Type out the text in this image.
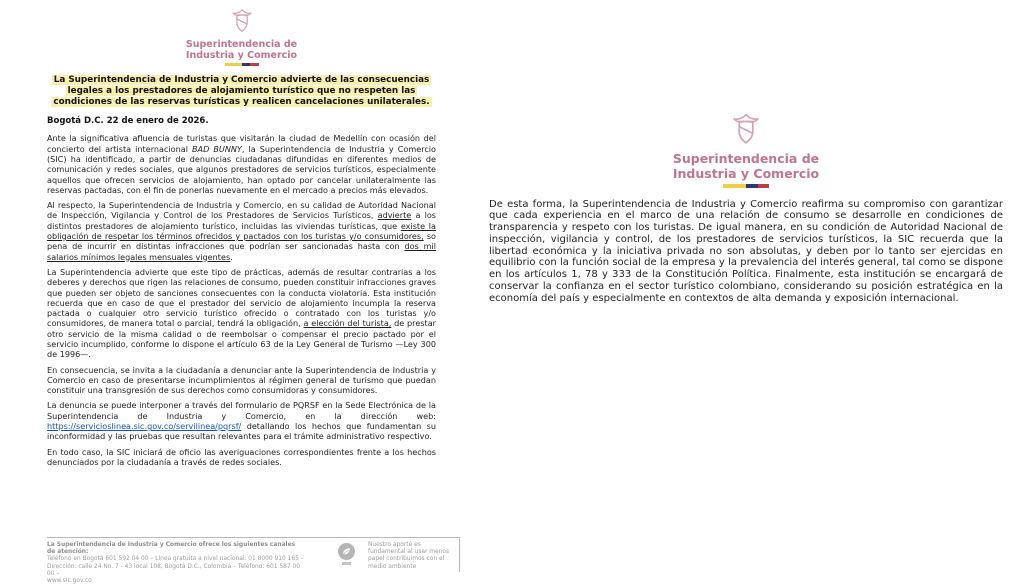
Superintendencia de
Industria y Comercio
La Superintendencia de Industria y Comercio advierte de las consecuencias legales a los prestadores de alojamiento turístico que no respeten las condiciones de las reservas turísticas y realicen cancelaciones unilaterales.
Bogotá D.C. 22 de enero de 2026.

Ante la significativa afluencia de turistas que visitarán la ciudad de Medellín con ocasión del concierto del artista internacional BAD BUNNY, la Superintendencia de Industria y Comercio (SIC) ha identificado, a partir de denuncias ciudadanas difundidas en diferentes medios de comunicación y redes sociales, que algunos prestadores de servicios turísticos, especialmente aquellos que ofrecen servicios de alojamiento, han optado por cancelar unilateralmente las reservas pactadas, con el fin de ponerlas nuevamente en el mercado a precios más elevados.

Al respecto, la Superintendencia de Industria y Comercio, en su calidad de Autoridad Nacional de Inspección, Vigilancia y Control de los Prestadores de Servicios Turísticos, advierte a los distintos prestadores de alojamiento turístico, incluidas las viviendas turísticas, que existe la obligación de respetar los términos ofrecidos y pactados con los turistas y/o consumidores, so pena de incurrir en distintas infracciones que podrían ser sancionadas hasta con dos mil salarios mínimos legales mensuales vigentes.

La Superintendencia advierte que este tipo de prácticas, además de resultar contrarias a los deberes y derechos que rigen las relaciones de consumo, pueden constituir infracciones graves que pueden ser objeto de sanciones consecuentes con la conducta violatoria. Esta institución recuerda que en caso de que el prestador del servicio de alojamiento incumpla la reserva pactada o cualquier otro servicio turístico ofrecido o contratado con los turistas y/o consumidores, de manera total o parcial, tendrá la obligación, a elección del turista, de prestar otro servicio de la misma calidad o de reembolsar o compensar el precio pactado por el servicio incumplido, conforme lo dispone el artículo 63 de la Ley General de Turismo —Ley 300 de 1996—.

En consecuencia, se invita a la ciudadanía a denunciar ante la Superintendencia de Industria y Comercio en caso de presentarse incumplimientos al régimen general de turismo que puedan constituir una transgresión de sus derechos como consumidoras y consumidores.

La denuncia se puede interponer a través del formulario de PQRSF en la Sede Electrónica de la Superintendencia de Industria y Comercio, en la dirección web: https://servicioslinea.sic.gov.co/servilinea/pqrsf/ detallando los hechos que fundamentan su inconformidad y las pruebas que resultan relevantes para el trámite administrativo respectivo.

En todo caso, la SIC iniciará de oficio las averiguaciones correspondientes frente a los hechos denunciados por la ciudadanía a través de redes sociales.

Superintendencia de
Industria y Comercio

De esta forma, la Superintendencia de Industria y Comercio reafirma su compromiso con garantizar que cada experiencia en el marco de una relación de consumo se desarrolle en condiciones de transparencia y respeto con los turistas. De igual manera, en su condición de Autoridad Nacional de inspección, vigilancia y control, de los prestadores de servicios turísticos, la SIC recuerda que la libertad económica y la iniciativa privada no son absolutas, y deben por lo tanto ser ejercidas en equilibrio con la función social de la empresa y la prevalencia del interés general, tal como se dispone en los artículos 1, 78 y 333 de la Constitución Política. Finalmente, esta institución se encargará de conservar la confianza en el sector turístico colombiano, considerando su posición estratégica en la economía del país y especialmente en contextos de alta demanda y exposición internacional.

La Superintendencia de Industria y Comercio ofrece los siguientes canales de atención:
Teléfono en Bogotá 601 592 04 00 – Línea gratuita a nivel nacional: 01 8000 910 165 –
Dirección: calle 24 No. 7 - 43 local 108, Bogotá D.C., Colombia – Teléfono: 601 587 00 00 –
www.sic.gov.co
Nuestro aporte es fundamental al usar menos papel contribuimos con el medio ambiente
